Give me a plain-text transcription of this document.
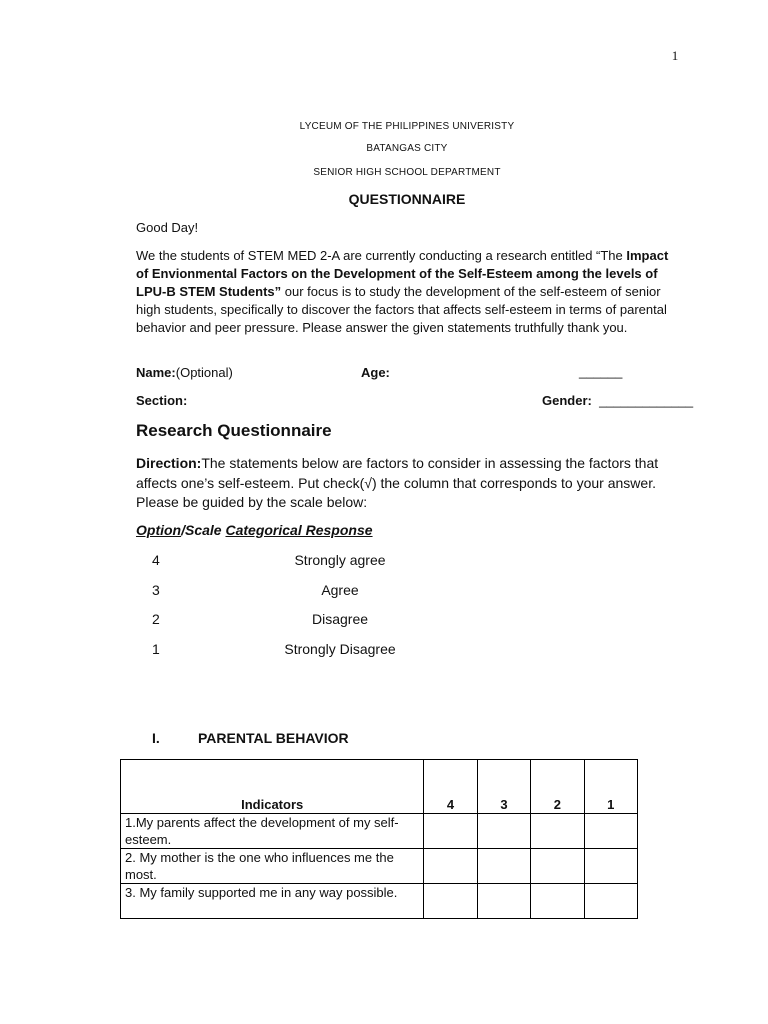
1
LYCEUM OF THE PHILIPPINES UNIVERISTY
BATANGAS CITY
SENIOR HIGH SCHOOL DEPARTMENT
QUESTIONNAIRE
Good Day!
We the students of STEM MED 2-A are currently conducting a research entitled “The Impact of Envionmental Factors on the Development of the Self-Esteem among the levels of LPU-B STEM Students” our focus is to study the development of the self-esteem of senior high students, specifically to discover the factors that affects self-esteem in terms of parental behavior and peer pressure. Please answer the given statements truthfully thank you.
Name:(Optional)	Age:	______
Section:	Gender: _____________
Research Questionnaire
Direction:The statements below are factors to consider in assessing the factors that affects one’s self-esteem. Put check(√) the column that corresponds to your answer. Please be guided by the scale below:
Option/Scale Categorical Response
4	Strongly agree
3	Agree
2	Disagree
1	Strongly Disagree
I.	PARENTAL BEHAVIOR
Indicators	4	3	2	1
1.My parents affect the development of my self-esteem.				
2. My mother is the one who influences me the most.				
3. My family supported me in any way possible.				
